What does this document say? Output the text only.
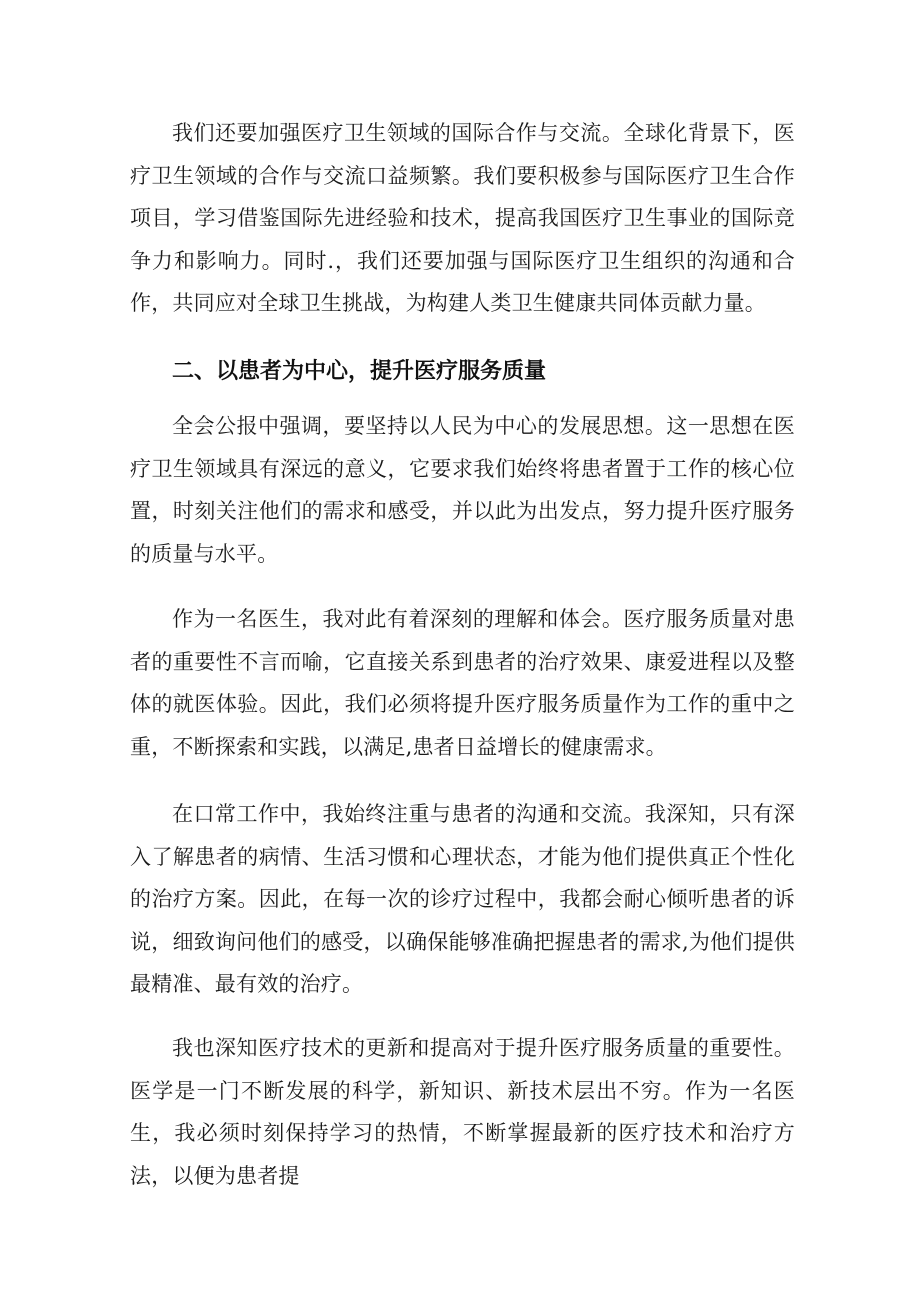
我们还要加强医疗卫生领域的国际合作与交流。全球化背景下，医疗卫生领域的合作与交流口益频繁。我们要积极参与国际医疗卫生合作项目，学习借鉴国际先进经验和技术，提高我国医疗卫生事业的国际竞争力和影响力。同时.，我们还要加强与国际医疗卫生组织的沟通和合作，共同应对全球卫生挑战，为构建人类卫生健康共同体贡献力量。

二、以患者为中心，提升医疗服务质量

全会公报中强调，要坚持以人民为中心的发展思想。这一思想在医疗卫生领域具有深远的意义，它要求我们始终将患者置于工作的核心位置，时刻关注他们的需求和感受，并以此为出发点，努力提升医疗服务的质量与水平。

作为一名医生，我对此有着深刻的理解和体会。医疗服务质量对患者的重要性不言而喻，它直接关系到患者的治疗效果、康爱进程以及整体的就医体验。因此，我们必须将提升医疗服务质量作为工作的重中之重，不断探索和实践，以满足,患者日益增长的健康需求。

在口常工作中，我始终注重与患者的沟通和交流。我深知，只有深入了解患者的病情、生活习惯和心理状态，才能为他们提供真正个性化的治疗方案。因此，在每一次的诊疗过程中，我都会耐心倾听患者的诉说，细致询问他们的感受，以确保能够准确把握患者的需求,为他们提供最精准、最有效的治疗。

我也深知医疗技术的更新和提高对于提升医疗服务质量的重要性。医学是一门不断发展的科学，新知识、新技术层出不穷。作为一名医生，我必须时刻保持学习的热情，不断掌握最新的医疗技术和治疗方法，以便为患者提
